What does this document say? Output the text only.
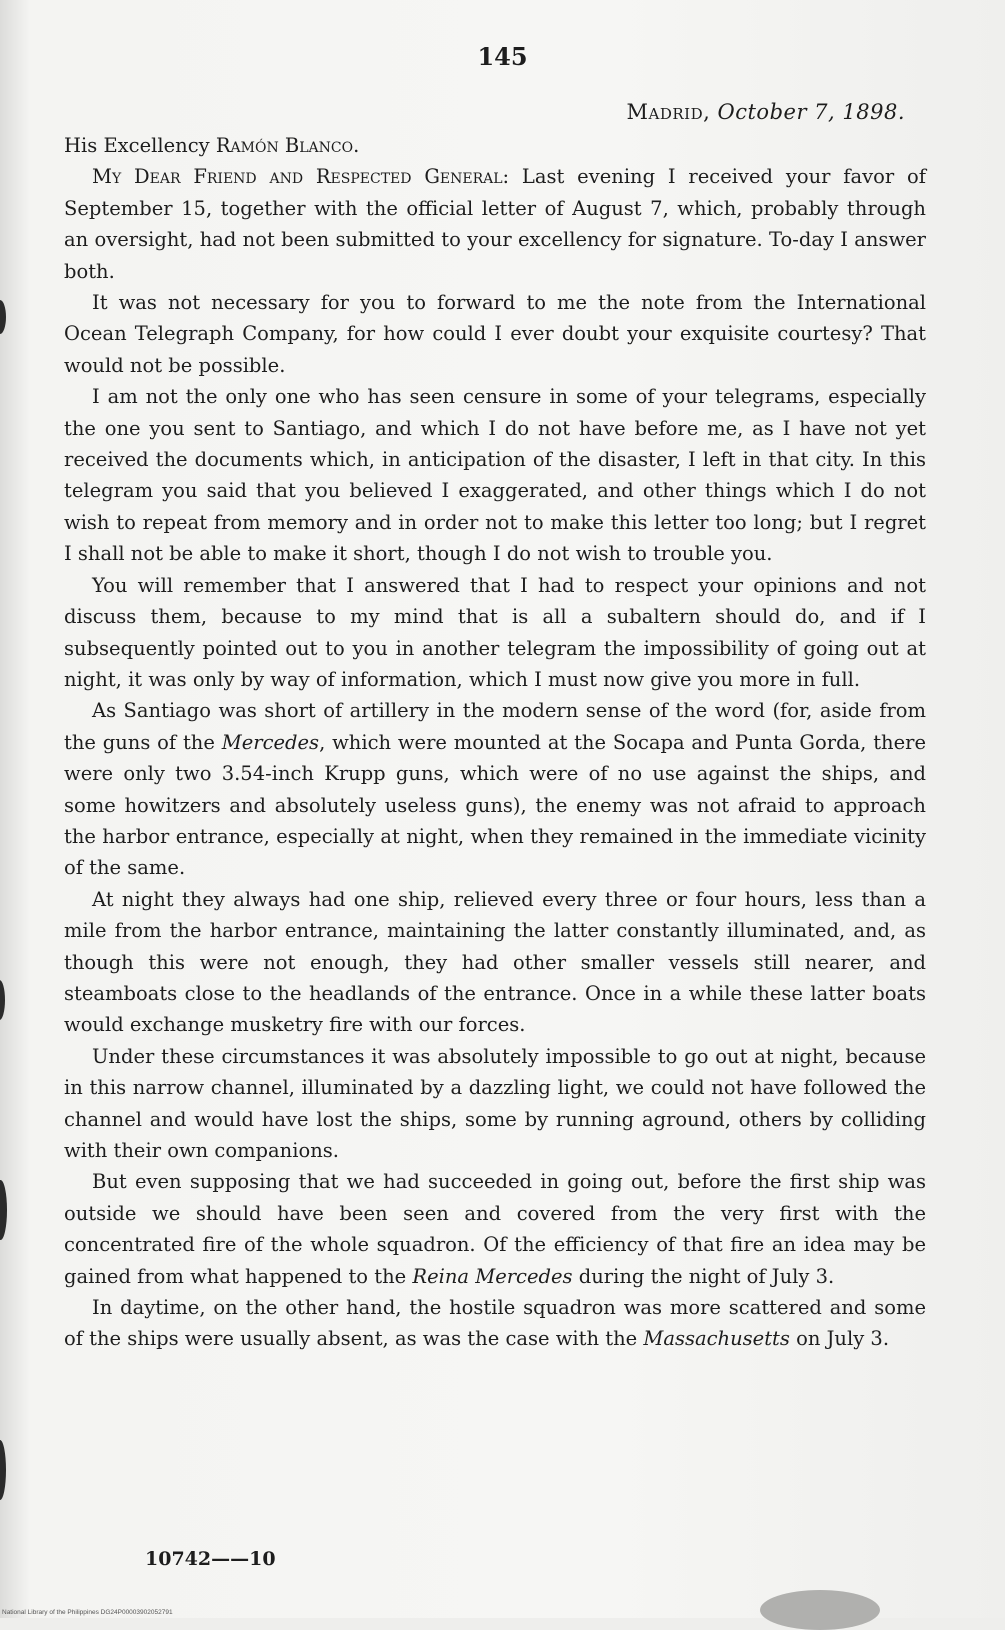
145
Madrid, October 7, 1898.

His Excellency Ramón Blanco.

My Dear Friend and Respected General: Last evening I received your favor of September 15, together with the official letter of August 7, which, probably through an oversight, had not been submitted to your excellency for signature. To-day I answer both.

It was not necessary for you to forward to me the note from the International Ocean Telegraph Company, for how could I ever doubt your exquisite courtesy? That would not be possible.

I am not the only one who has seen censure in some of your telegrams, especially the one you sent to Santiago, and which I do not have before me, as I have not yet received the documents which, in anticipation of the disaster, I left in that city. In this telegram you said that you believed I exaggerated, and other things which I do not wish to repeat from memory and in order not to make this letter too long; but I regret I shall not be able to make it short, though I do not wish to trouble you.

You will remember that I answered that I had to respect your opinions and not discuss them, because to my mind that is all a subaltern should do, and if I subsequently pointed out to you in another telegram the impossibility of going out at night, it was only by way of information, which I must now give you more in full.

As Santiago was short of artillery in the modern sense of the word (for, aside from the guns of the Mercedes, which were mounted at the Socapa and Punta Gorda, there were only two 3.54-inch Krupp guns, which were of no use against the ships, and some howitzers and absolutely useless guns), the enemy was not afraid to approach the harbor entrance, especially at night, when they remained in the immediate vicinity of the same.

At night they always had one ship, relieved every three or four hours, less than a mile from the harbor entrance, maintaining the latter constantly illuminated, and, as though this were not enough, they had other smaller vessels still nearer, and steamboats close to the headlands of the entrance. Once in a while these latter boats would exchange musketry fire with our forces.

Under these circumstances it was absolutely impossible to go out at night, because in this narrow channel, illuminated by a dazzling light, we could not have followed the channel and would have lost the ships, some by running aground, others by colliding with their own companions.

But even supposing that we had succeeded in going out, before the first ship was outside we should have been seen and covered from the very first with the concentrated fire of the whole squadron. Of the efficiency of that fire an idea may be gained from what happened to the Reina Mercedes during the night of July 3.

In daytime, on the other hand, the hostile squadron was more scattered and some of the ships were usually absent, as was the case with the Massachusetts on July 3.

10742——10
National Library of the Philippines DG24P00003902052791
